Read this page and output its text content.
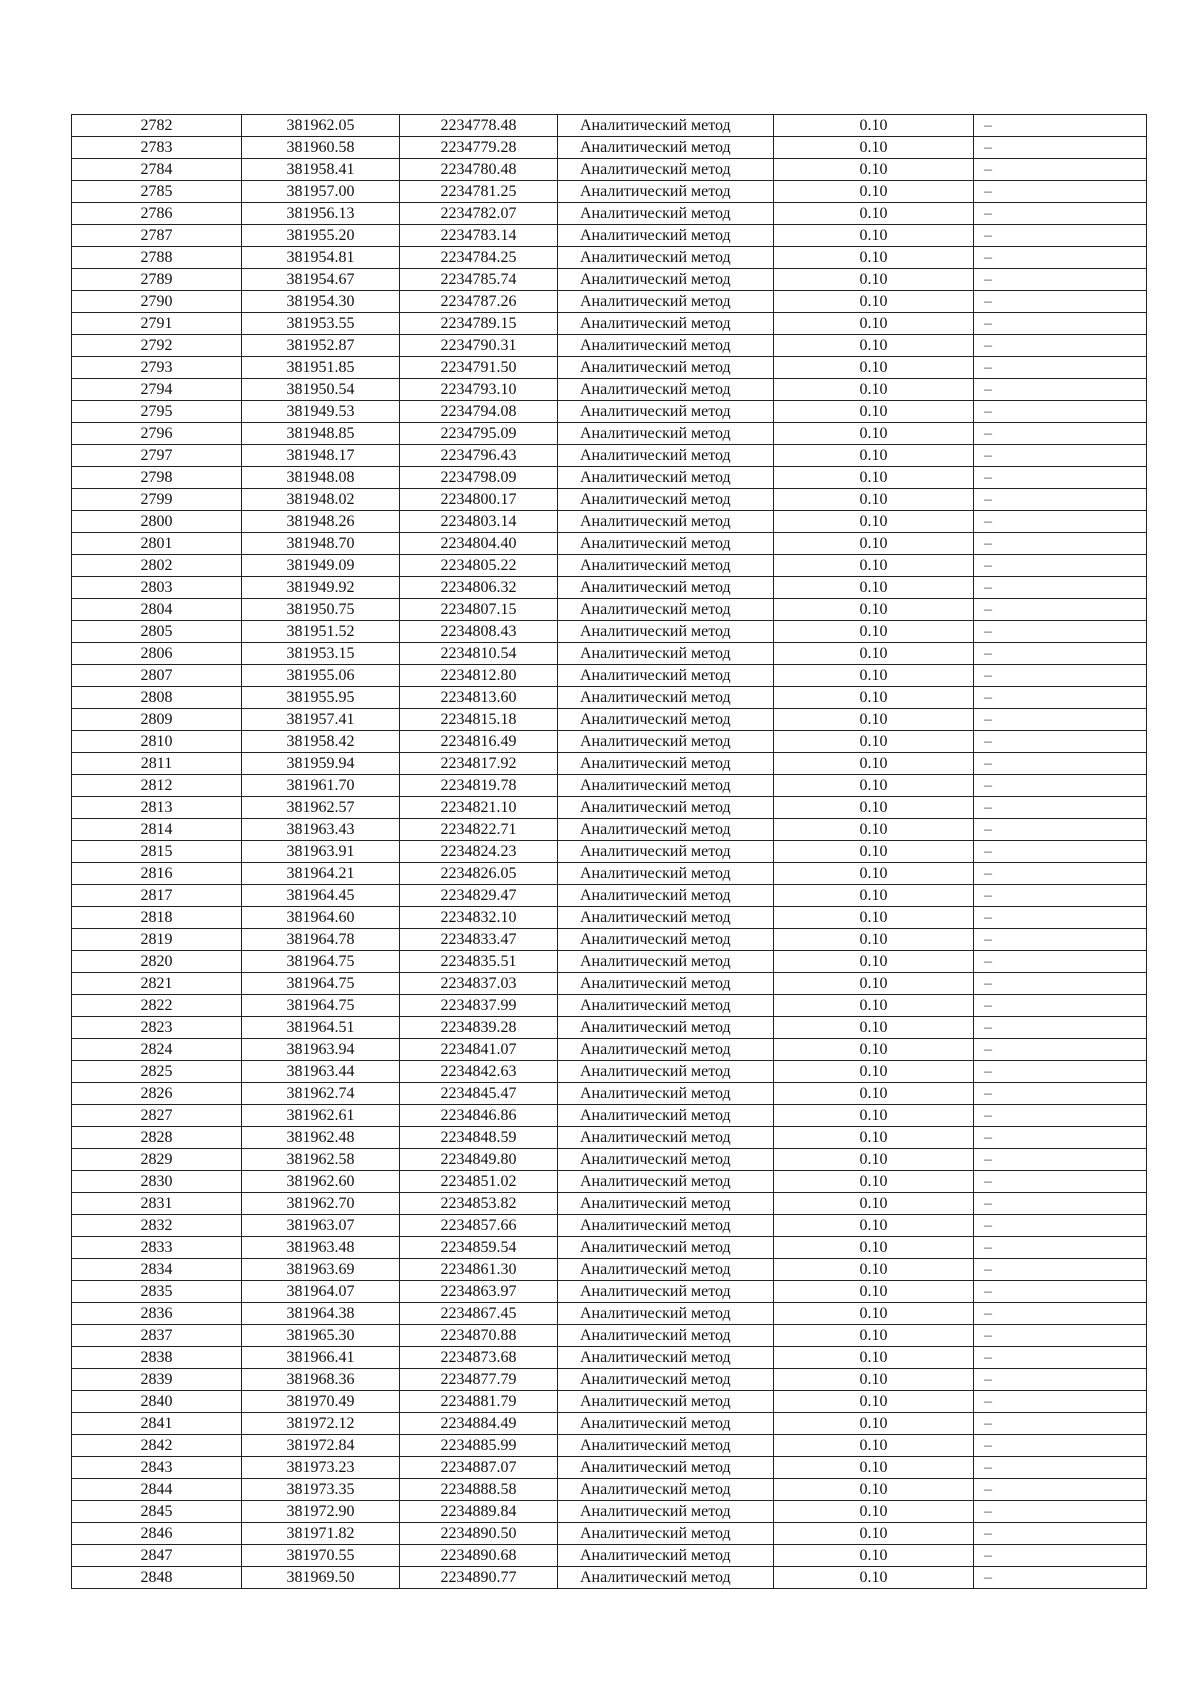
2782	381962.05	2234778.48	Аналитический метод	0.10	–
2783	381960.58	2234779.28	Аналитический метод	0.10	–
2784	381958.41	2234780.48	Аналитический метод	0.10	–
2785	381957.00	2234781.25	Аналитический метод	0.10	–
2786	381956.13	2234782.07	Аналитический метод	0.10	–
2787	381955.20	2234783.14	Аналитический метод	0.10	–
2788	381954.81	2234784.25	Аналитический метод	0.10	–
2789	381954.67	2234785.74	Аналитический метод	0.10	–
2790	381954.30	2234787.26	Аналитический метод	0.10	–
2791	381953.55	2234789.15	Аналитический метод	0.10	–
2792	381952.87	2234790.31	Аналитический метод	0.10	–
2793	381951.85	2234791.50	Аналитический метод	0.10	–
2794	381950.54	2234793.10	Аналитический метод	0.10	–
2795	381949.53	2234794.08	Аналитический метод	0.10	–
2796	381948.85	2234795.09	Аналитический метод	0.10	–
2797	381948.17	2234796.43	Аналитический метод	0.10	–
2798	381948.08	2234798.09	Аналитический метод	0.10	–
2799	381948.02	2234800.17	Аналитический метод	0.10	–
2800	381948.26	2234803.14	Аналитический метод	0.10	–
2801	381948.70	2234804.40	Аналитический метод	0.10	–
2802	381949.09	2234805.22	Аналитический метод	0.10	–
2803	381949.92	2234806.32	Аналитический метод	0.10	–
2804	381950.75	2234807.15	Аналитический метод	0.10	–
2805	381951.52	2234808.43	Аналитический метод	0.10	–
2806	381953.15	2234810.54	Аналитический метод	0.10	–
2807	381955.06	2234812.80	Аналитический метод	0.10	–
2808	381955.95	2234813.60	Аналитический метод	0.10	–
2809	381957.41	2234815.18	Аналитический метод	0.10	–
2810	381958.42	2234816.49	Аналитический метод	0.10	–
2811	381959.94	2234817.92	Аналитический метод	0.10	–
2812	381961.70	2234819.78	Аналитический метод	0.10	–
2813	381962.57	2234821.10	Аналитический метод	0.10	–
2814	381963.43	2234822.71	Аналитический метод	0.10	–
2815	381963.91	2234824.23	Аналитический метод	0.10	–
2816	381964.21	2234826.05	Аналитический метод	0.10	–
2817	381964.45	2234829.47	Аналитический метод	0.10	–
2818	381964.60	2234832.10	Аналитический метод	0.10	–
2819	381964.78	2234833.47	Аналитический метод	0.10	–
2820	381964.75	2234835.51	Аналитический метод	0.10	–
2821	381964.75	2234837.03	Аналитический метод	0.10	–
2822	381964.75	2234837.99	Аналитический метод	0.10	–
2823	381964.51	2234839.28	Аналитический метод	0.10	–
2824	381963.94	2234841.07	Аналитический метод	0.10	–
2825	381963.44	2234842.63	Аналитический метод	0.10	–
2826	381962.74	2234845.47	Аналитический метод	0.10	–
2827	381962.61	2234846.86	Аналитический метод	0.10	–
2828	381962.48	2234848.59	Аналитический метод	0.10	–
2829	381962.58	2234849.80	Аналитический метод	0.10	–
2830	381962.60	2234851.02	Аналитический метод	0.10	–
2831	381962.70	2234853.82	Аналитический метод	0.10	–
2832	381963.07	2234857.66	Аналитический метод	0.10	–
2833	381963.48	2234859.54	Аналитический метод	0.10	–
2834	381963.69	2234861.30	Аналитический метод	0.10	–
2835	381964.07	2234863.97	Аналитический метод	0.10	–
2836	381964.38	2234867.45	Аналитический метод	0.10	–
2837	381965.30	2234870.88	Аналитический метод	0.10	–
2838	381966.41	2234873.68	Аналитический метод	0.10	–
2839	381968.36	2234877.79	Аналитический метод	0.10	–
2840	381970.49	2234881.79	Аналитический метод	0.10	–
2841	381972.12	2234884.49	Аналитический метод	0.10	–
2842	381972.84	2234885.99	Аналитический метод	0.10	–
2843	381973.23	2234887.07	Аналитический метод	0.10	–
2844	381973.35	2234888.58	Аналитический метод	0.10	–
2845	381972.90	2234889.84	Аналитический метод	0.10	–
2846	381971.82	2234890.50	Аналитический метод	0.10	–
2847	381970.55	2234890.68	Аналитический метод	0.10	–
2848	381969.50	2234890.77	Аналитический метод	0.10	–
